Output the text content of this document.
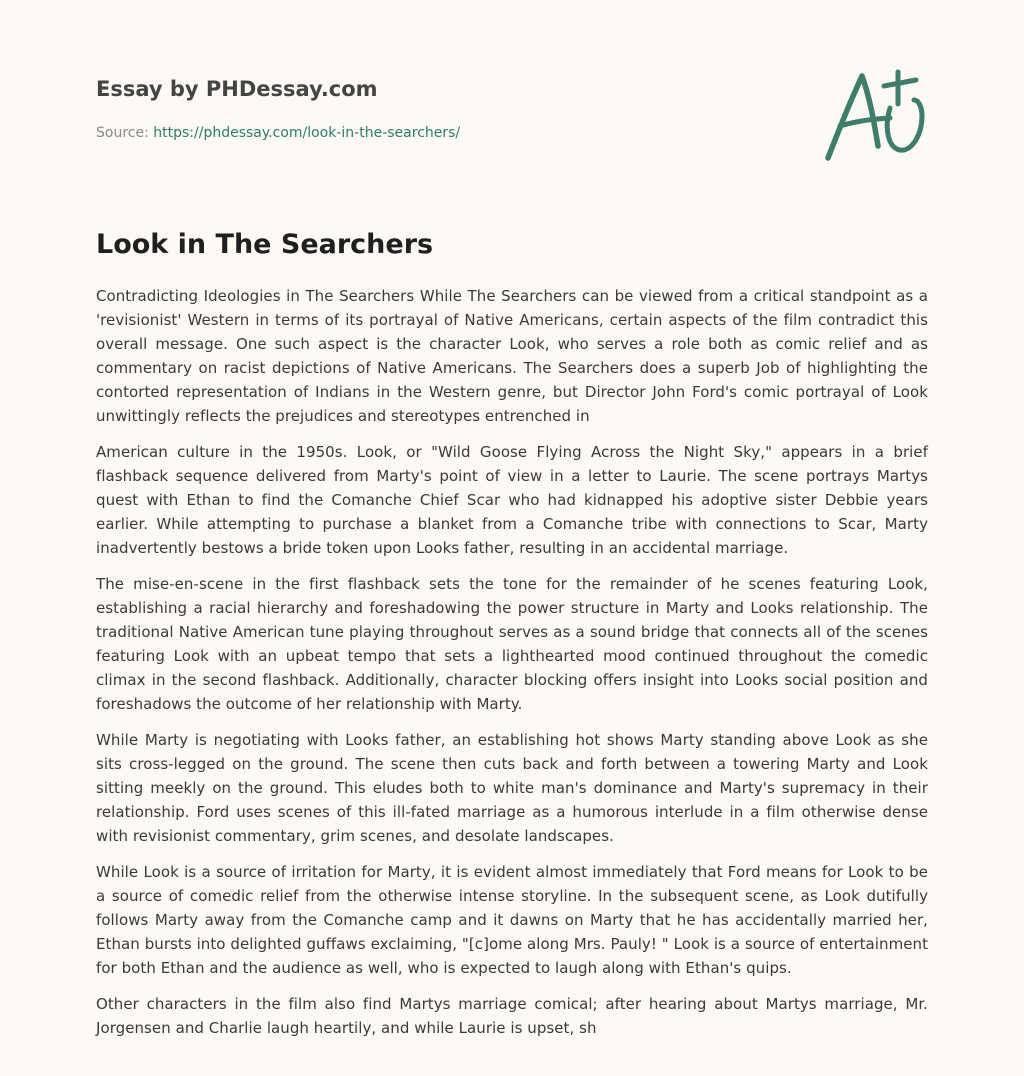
Essay by PHDessay.com
Source: https://phdessay.com/look-in-the-searchers/
Look in The Searchers

Contradicting Ideologies in The Searchers While The Searchers can be viewed from a critical standpoint as a 'revisionist' Western in terms of its portrayal of Native Americans, certain aspects of the film contradict this overall message. One such aspect is the character Look, who serves a role both as comic relief and as commentary on racist depictions of Native Americans. The Searchers does a superb Job of highlighting the contorted representation of Indians in the Western genre, but Director John Ford's comic portrayal of Look unwittingly reflects the prejudices and stereotypes entrenched in

American culture in the 1950s. Look, or "Wild Goose Flying Across the Night Sky," appears in a brief flashback sequence delivered from Marty's point of view in a letter to Laurie. The scene portrays Martys quest with Ethan to find the Comanche Chief Scar who had kidnapped his adoptive sister Debbie years earlier. While attempting to purchase a blanket from a Comanche tribe with connections to Scar, Marty inadvertently bestows a bride token upon Looks father, resulting in an accidental marriage.

The mise-en-scene in the first flashback sets the tone for the remainder of he scenes featuring Look, establishing a racial hierarchy and foreshadowing the power structure in Marty and Looks relationship. The traditional Native American tune playing throughout serves as a sound bridge that connects all of the scenes featuring Look with an upbeat tempo that sets a lighthearted mood continued throughout the comedic climax in the second flashback. Additionally, character blocking offers insight into Looks social position and foreshadows the outcome of her relationship with Marty.

While Marty is negotiating with Looks father, an establishing hot shows Marty standing above Look as she sits cross-legged on the ground. The scene then cuts back and forth between a towering Marty and Look sitting meekly on the ground. This eludes both to white man's dominance and Marty's supremacy in their relationship. Ford uses scenes of this ill-fated marriage as a humorous interlude in a film otherwise dense with revisionist commentary, grim scenes, and desolate landscapes.

While Look is a source of irritation for Marty, it is evident almost immediately that Ford means for Look to be a source of comedic relief from the otherwise intense storyline. In the subsequent scene, as Look dutifully follows Marty away from the Comanche camp and it dawns on Marty that he has accidentally married her, Ethan bursts into delighted guffaws exclaiming, "[c]ome along Mrs. Pauly! " Look is a source of entertainment for both Ethan and the audience as well, who is expected to laugh along with Ethan's quips.

Other characters in the film also find Martys marriage comical; after hearing about Martys marriage, Mr. Jorgensen and Charlie laugh heartily, and while Laurie is upset, sh
